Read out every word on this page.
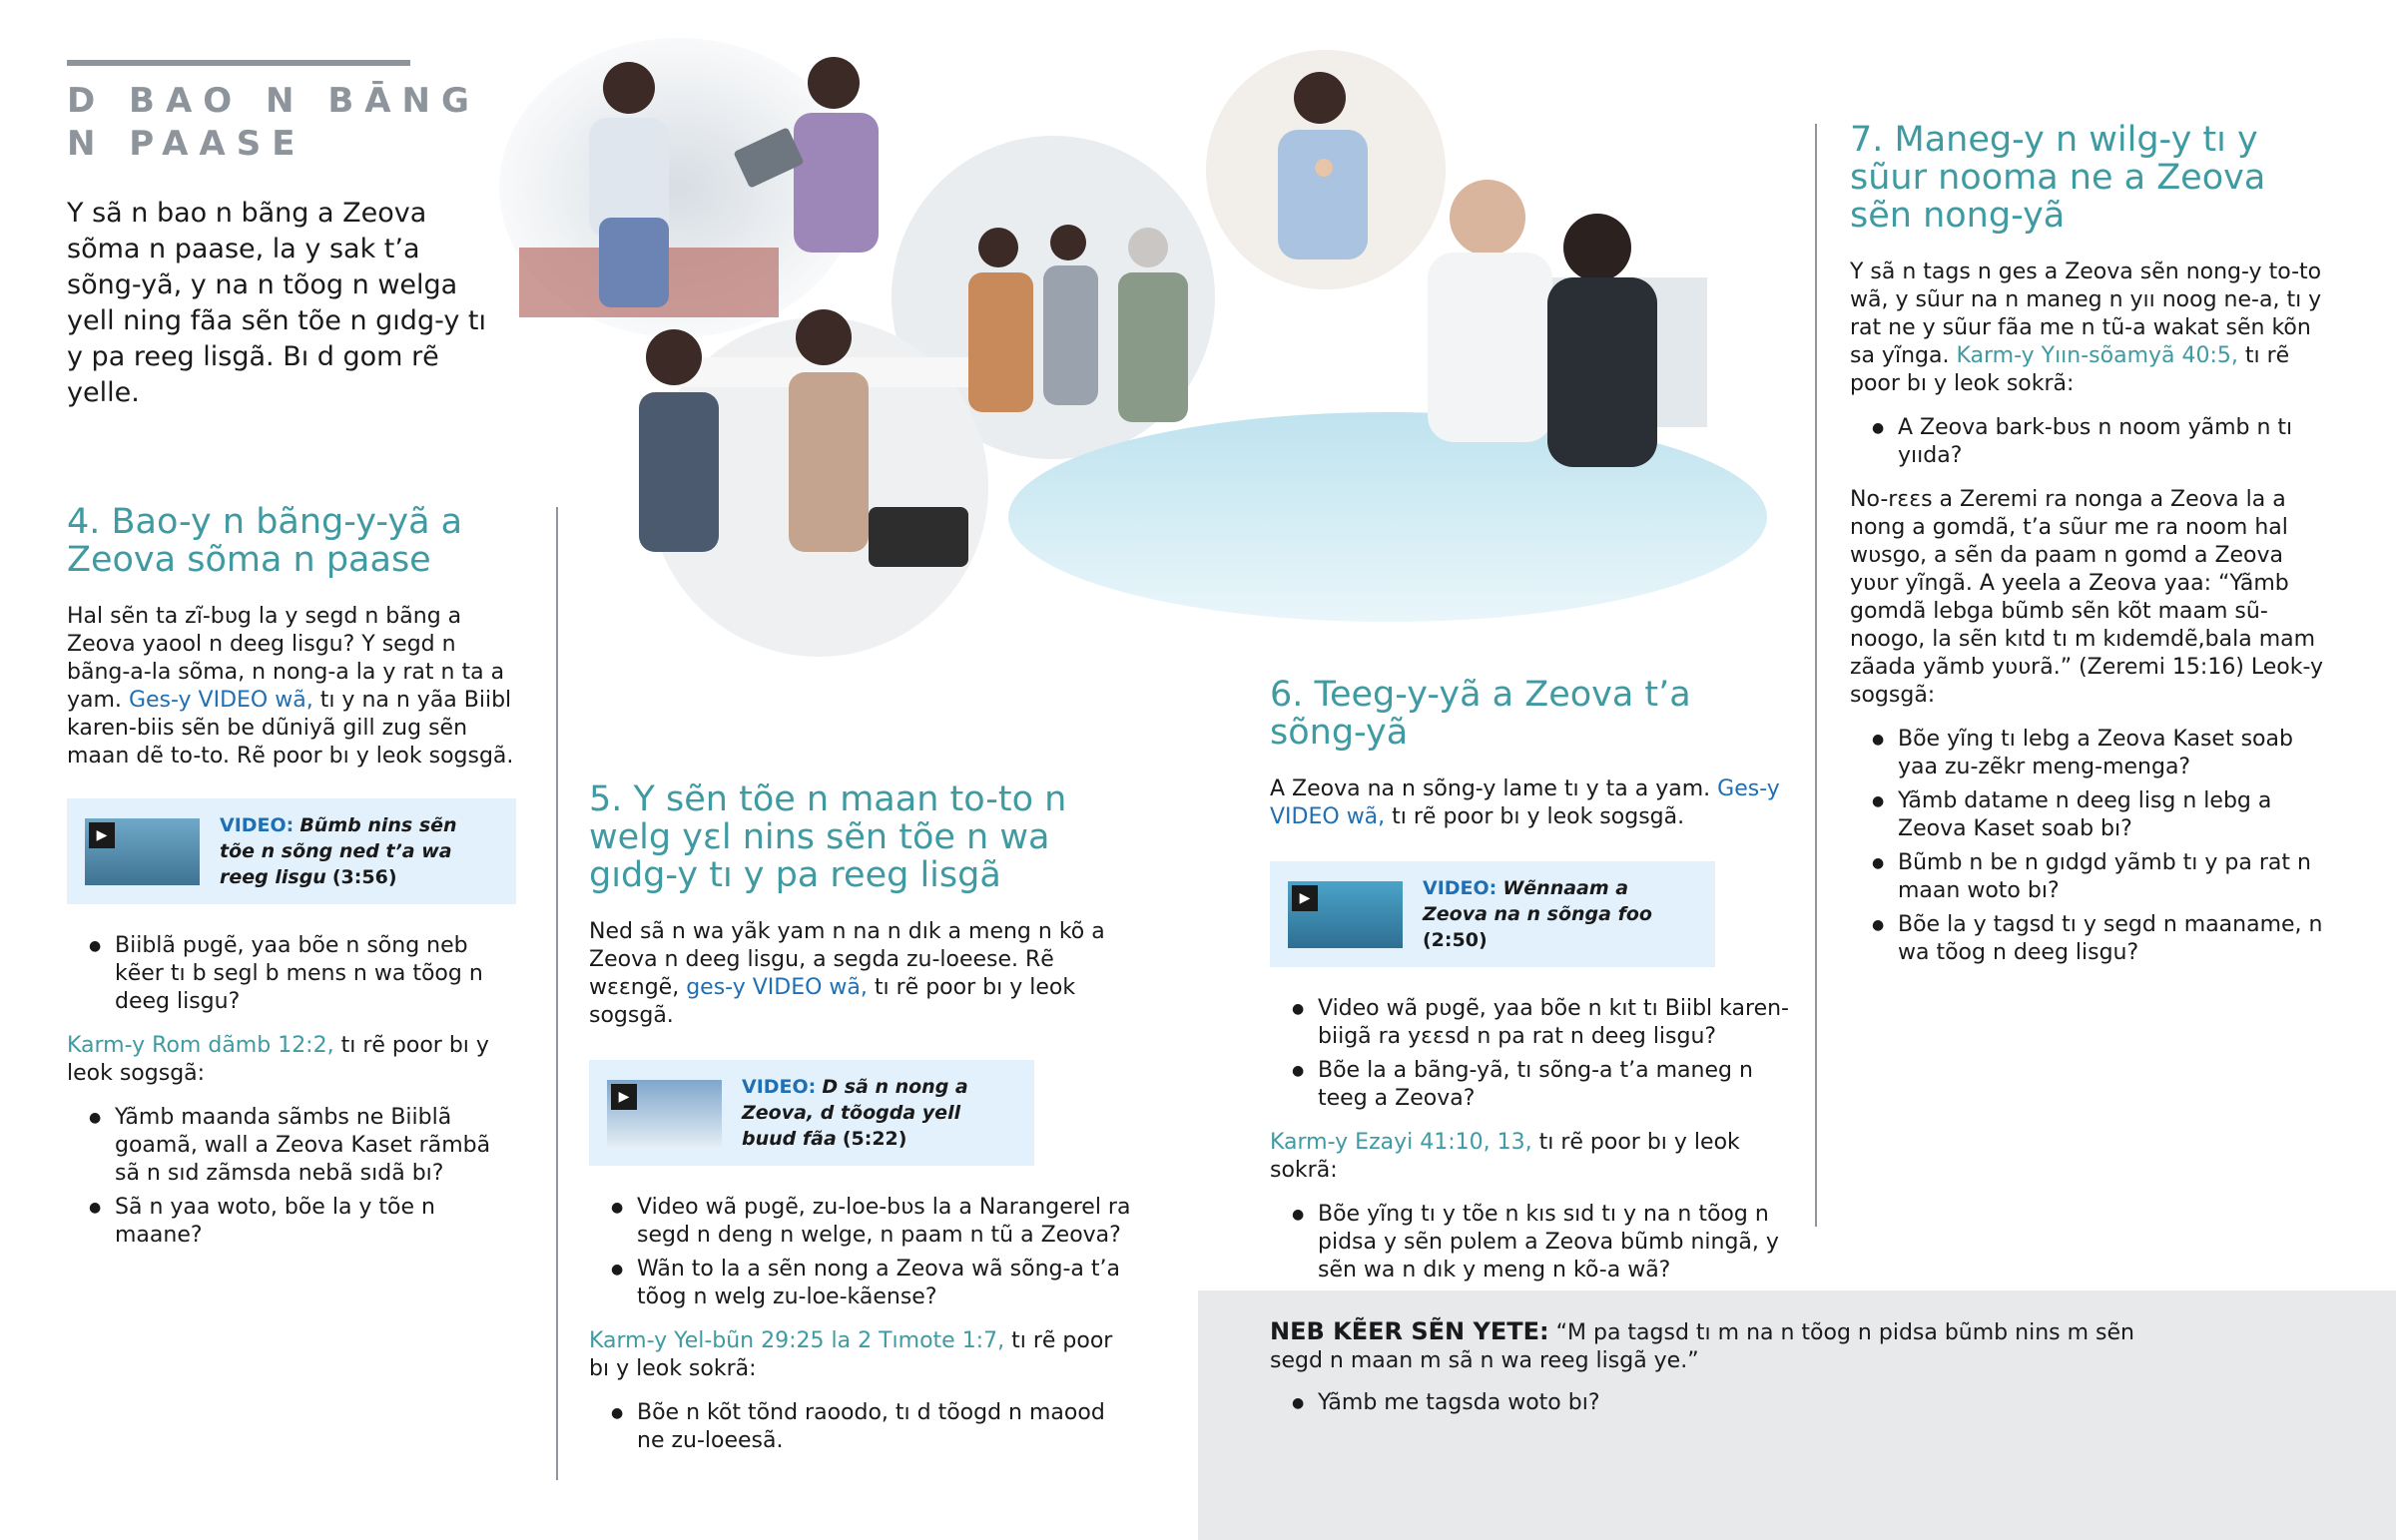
D BAO N BĀNG
N PAASE
Y sã n bao n bãng a Zeova sõma n paase, la y sak t’a sõng-yã, y na n tõog n welga yell ning fãa sẽn tõe n gıdg-y tı y pa reeg lisgã. Bı d gom rẽ yelle.
4. Bao-y n bãng-y-yã a Zeova sõma n paase

Hal sẽn ta zĩ-bʋg la y segd n bãng a Zeova yaool n deeg lisgu? Y segd n bãng-a-la sõma, n nong-a la y rat n ta a yam. Ges-y VIDEO wã, tı y na n yãa Biibl karen-biis sẽn be dũniyã gill zug sẽn maan dẽ to-to. Rẽ poor bı y leok sogsgã.

▶	VIDEO: Bũmb nins sẽn tõe n sõng ned t’a wa reeg lisgu (3:56)
● Biiblã pʋgẽ, yaa bõe n sõng neb kẽer tı b segl b mens n wa tõog n deeg lisgu?

Karm-y Rom dãmb 12:2, tı rẽ poor bı y leok sogsgã:

● Yãmb maanda sãmbs ne Biiblã goamã, wall a Zeova Kaset rãmbã sã n sıd zãmsda nebã sıdã bı?
● Sã n yaa woto, bõe la y tõe n maane?
5. Y sẽn tõe n maan to-to n welg yɛl nins sẽn tõe n wa gıdg-y tı y pa reeg lisgã

Ned sã n wa yãk yam n na n dık a meng n kõ a Zeova n deeg lisgu, a segda zu-loeese. Rẽ wɛɛngẽ, ges-y VIDEO wã, tı rẽ poor bı y leok sogsgã.

▶	VIDEO: D sã n nong a Zeova, d tõogda yell buud fãa (5:22)
● Video wã pʋgẽ, zu-loe-bʋs la a Narangerel ra segd n deng n welge, n paam n tũ a Zeova?
● Wãn to la a sẽn nong a Zeova wã sõng-a t’a tõog n welg zu-loe-kãense?

Karm-y Yel-bũn 29:25 la 2 Tımote 1:7, tı rẽ poor bı y leok sokrã:

● Bõe n kõt tõnd raoodo, tı d tõogd n maood ne zu-loeesã.
6. Teeg-y-yã a Zeova t’a sõng-yã

A Zeova na n sõng-y lame tı y ta a yam. Ges-y VIDEO wã, tı rẽ poor bı y leok sogsgã.

▶	VIDEO: Wẽnnaam a Zeova na n sõnga foo (2:50)
● Video wã pʋgẽ, yaa bõe n kıt tı Biibl karen-biigã ra yɛɛsd n pa rat n deeg lisgu?
● Bõe la a bãng-yã, tı sõng-a t’a maneg n teeg a Zeova?

Karm-y Ezayi 41:10, 13, tı rẽ poor bı y leok sokrã:

● Bõe yĩng tı y tõe n kıs sıd tı y na n tõog n pidsa y sẽn pʋlem a Zeova bũmb ningã, y sẽn wa n dık y meng n kõ-a wã?
7. Maneg-y n wilg-y tı y sũur nooma ne a Zeova sẽn nong-yã

Y sã n tags n ges a Zeova sẽn nong-y to-to wã, y sũur na n maneg n yıı noog ne-a, tı y rat ne y sũur fãa me n tũ-a wakat sẽn kõn sa yĩnga. Karm-y Yıın-sõamyã 40:5, tı rẽ poor bı y leok sokrã:

● A Zeova bark-bʋs n noom yãmb n tı yııda?

No-rɛɛs a Zeremi ra nonga a Zeova la a nong a gomdã, t’a sũur me ra noom hal wʋsgo, a sẽn da paam n gomd a Zeova yʋʋr yĩngã. A yeela a Zeova yaa: “Yãmb gomdã lebga bũmb sẽn kõt maam sũ-noogo, la sẽn kıtd tı m kıdemdẽ,bala mam zãada yãmb yʋʋrã.” (Zeremi 15:16) Leok-y sogsgã:

● Bõe yĩng tı lebg a Zeova Kaset soab yaa zu-zẽkr meng-menga?
● Yãmb datame n deeg lisg n lebg a Zeova Kaset soab bı?
● Bũmb n be n gıdgd yãmb tı y pa rat n maan woto bı?
● Bõe la y tagsd tı y segd n maaname, n wa tõog n deeg lisgu?

NEB KẼER SẼN YETE: “M pa tagsd tı m na n tõog n pidsa bũmb nins m sẽn segd n maan m sã n wa reeg lisgã ye.”

● Yãmb me tagsda woto bı?
